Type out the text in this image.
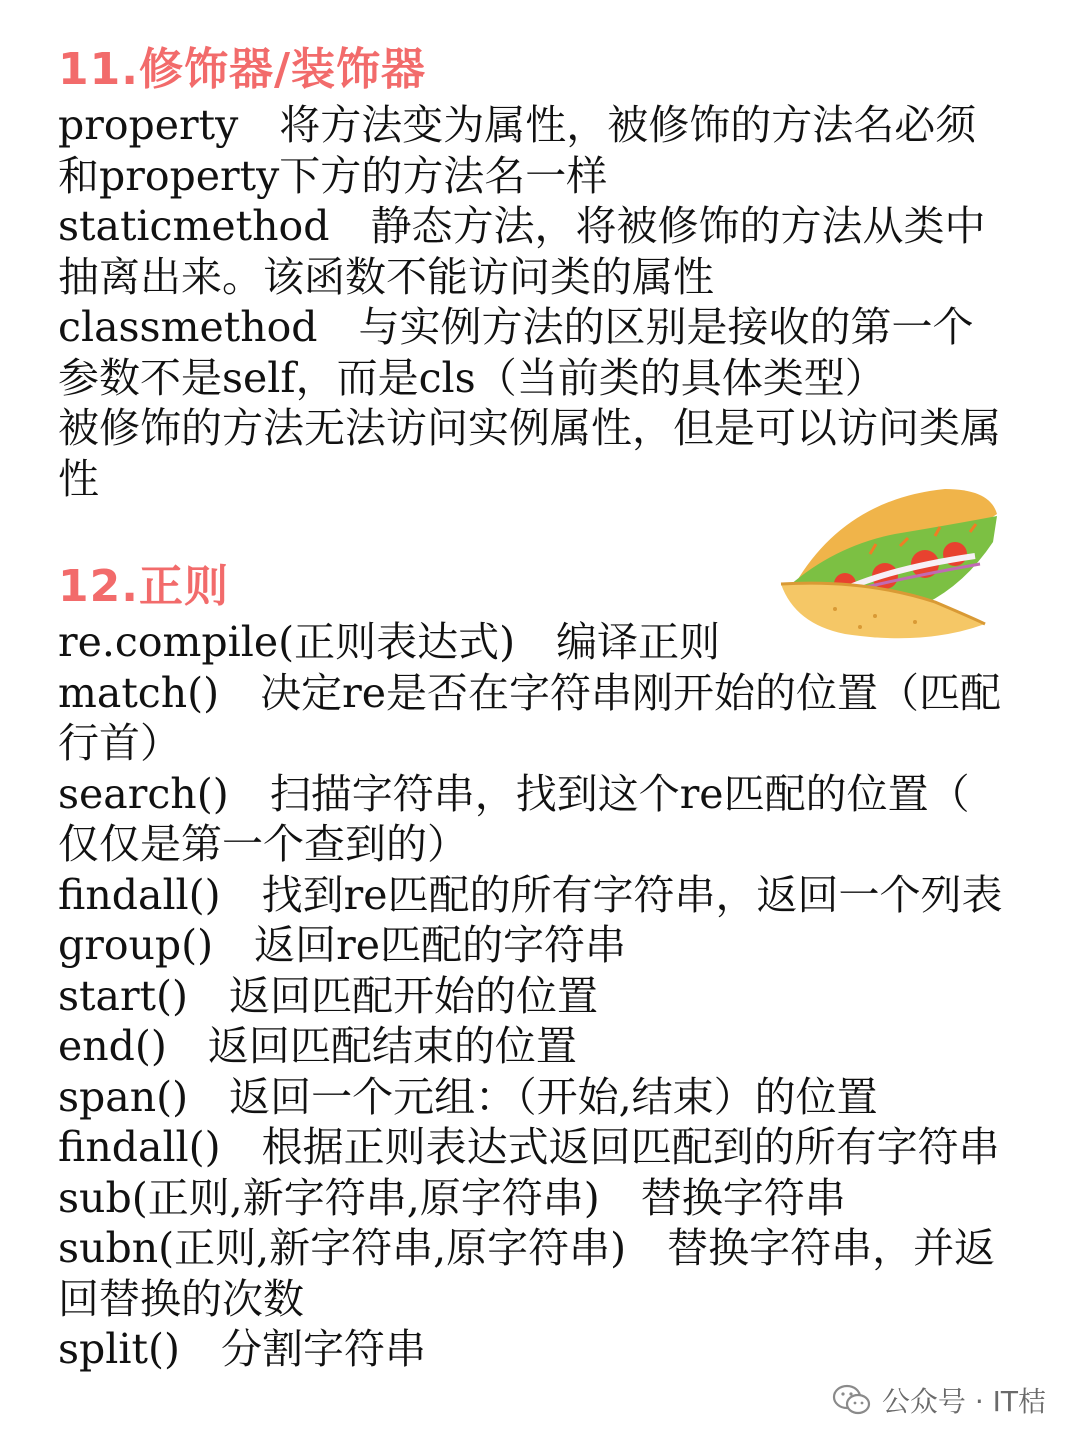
11.修饰器/装饰器

property　将方法变为属性，被修饰的方法名必须

和property下方的方法名一样

staticmethod　静态方法，将被修饰的方法从类中

抽离出来。该函数不能访问类的属性

classmethod　与实例方法的区别是接收的第一个

参数不是self，而是cls（当前类的具体类型）

被修饰的方法无法访问实例属性，但是可以访问类属

性

12.正则

re.compile(正则表达式)　编译正则

match()　决定re是否在字符串刚开始的位置（匹配

行首）

search()　扫描字符串，找到这个re匹配的位置（

仅仅是第一个查到的）

findall()　找到re匹配的所有字符串，返回一个列表

group()　返回re匹配的字符串

start()　返回匹配开始的位置

end()　返回匹配结束的位置

span()　返回一个元组：（开始,结束）的位置

findall()　根据正则表达式返回匹配到的所有字符串

sub(正则,新字符串,原字符串)　替换字符串

subn(正则,新字符串,原字符串)　替换字符串，并返

回替换的次数

split()　分割字符串

公众号 · IT桔
